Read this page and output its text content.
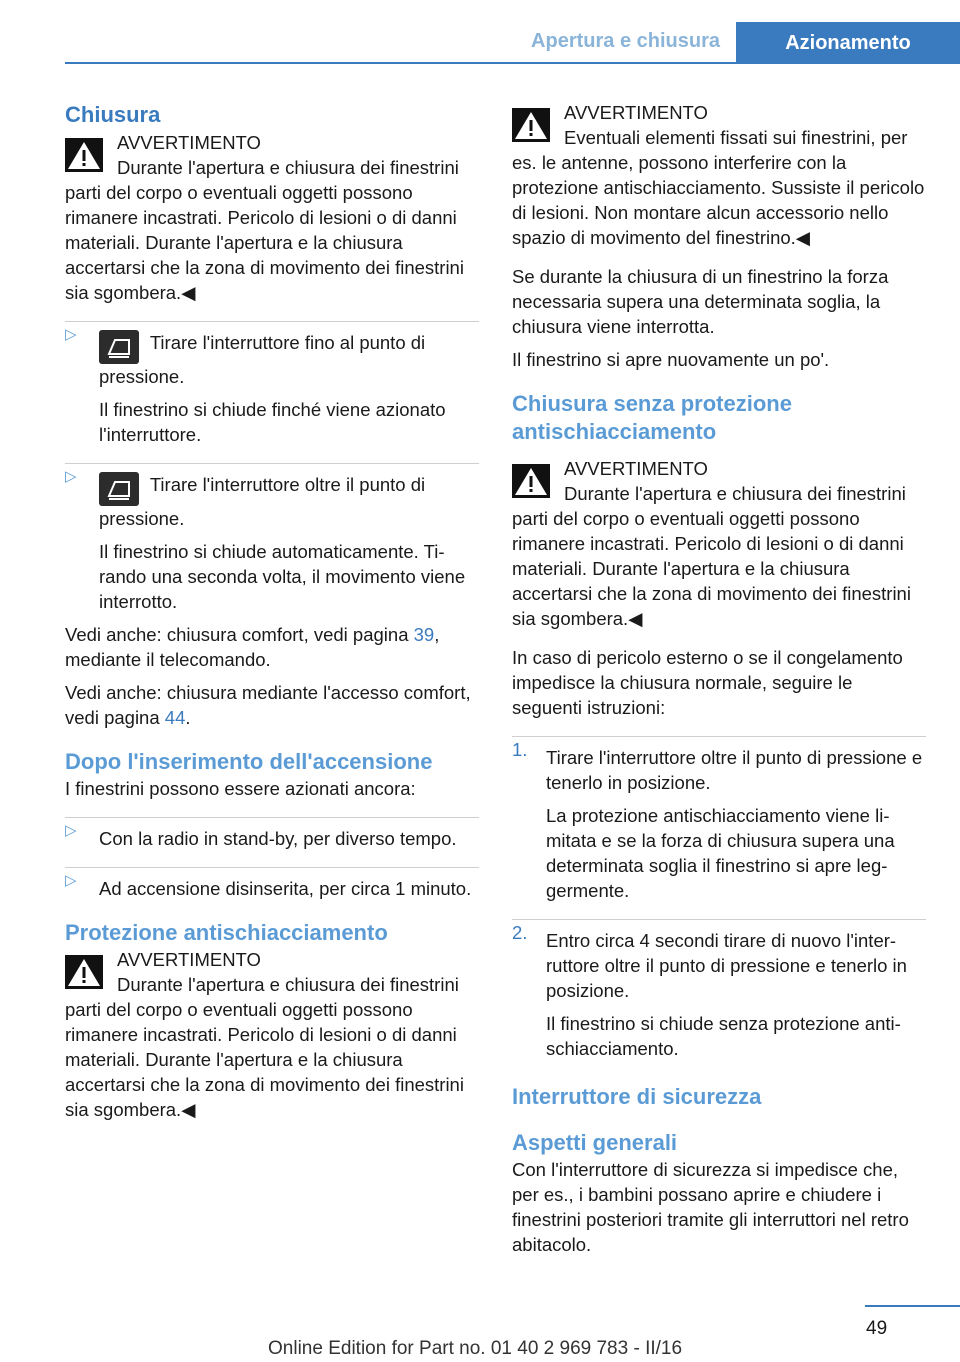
Apertura e chiusura	Azionamento
Chiusura
AVVERTIMENTO
Durante l'apertura e chiusura dei finestrini parti del corpo o eventuali oggetti possono rimanere incastrati. Pericolo di lesioni o di danni materiali. Durante l'apertura e la chiusura accertarsi che la zona di movimento dei finestrini sia sgombera.◀
▷	Tirare l'interruttore fino al punto di pressione.

Il finestrino si chiude finché viene azionato l'interruttore.

▷	Tirare l'interruttore oltre il punto di pressione.

Il finestrino si chiude automaticamente. Tirando una seconda volta, il movimento viene interrotto.

Vedi anche: chiusura comfort, vedi pagina 39, mediante il telecomando.

Vedi anche: chiusura mediante l'accesso comfort, vedi pagina 44.

Dopo l'inserimento dell'accensione

I finestrini possono essere azionati ancora:

▷ Con la radio in stand-by, per diverso tempo.

▷ Ad accensione disinserita, per circa 1 minuto.

Protezione antischiacciamento
AVVERTIMENTO
Durante l'apertura e chiusura dei finestrini parti del corpo o eventuali oggetti possono rimanere incastrati. Pericolo di lesioni o di danni materiali. Durante l'apertura e la chiusura accertarsi che la zona di movimento dei finestrini sia sgombera.◀
AVVERTIMENTO
Eventuali elementi fissati sui finestrini, per es. le antenne, possono interferire con la protezione antischiacciamento. Sussiste il pericolo di lesioni. Non montare alcun accessorio nello spazio di movimento del finestrino.◀

Se durante la chiusura di un finestrino la forza necessaria supera una determinata soglia, la chiusura viene interrotta.

Il finestrino si apre nuovamente un po'.

Chiusura senza protezione antischiacciamento
AVVERTIMENTO
Durante l'apertura e chiusura dei finestrini parti del corpo o eventuali oggetti possono rimanere incastrati. Pericolo di lesioni o di danni materiali. Durante l'apertura e la chiusura accertarsi che la zona di movimento dei finestrini sia sgombera.◀

In caso di pericolo esterno o se il congelamento impedisce la chiusura normale, seguire le seguenti istruzioni:

1. Tirare l'interruttore oltre il punto di pressione e tenerlo in posizione.

La protezione antischiacciamento viene limitata e se la forza di chiusura supera una determinata soglia il finestrino si apre leggermente.

2. Entro circa 4 secondi tirare di nuovo l'interruttore oltre il punto di pressione e tenerlo in posizione.

Il finestrino si chiude senza protezione antischiacciamento.

Interruttore di sicurezza
Aspetti generali

Con l'interruttore di sicurezza si impedisce che, per es., i bambini possano aprire e chiudere i finestrini posteriori tramite gli interruttori nel retro abitacolo.

49
Online Edition for Part no. 01 40 2 969 783 - II/16
